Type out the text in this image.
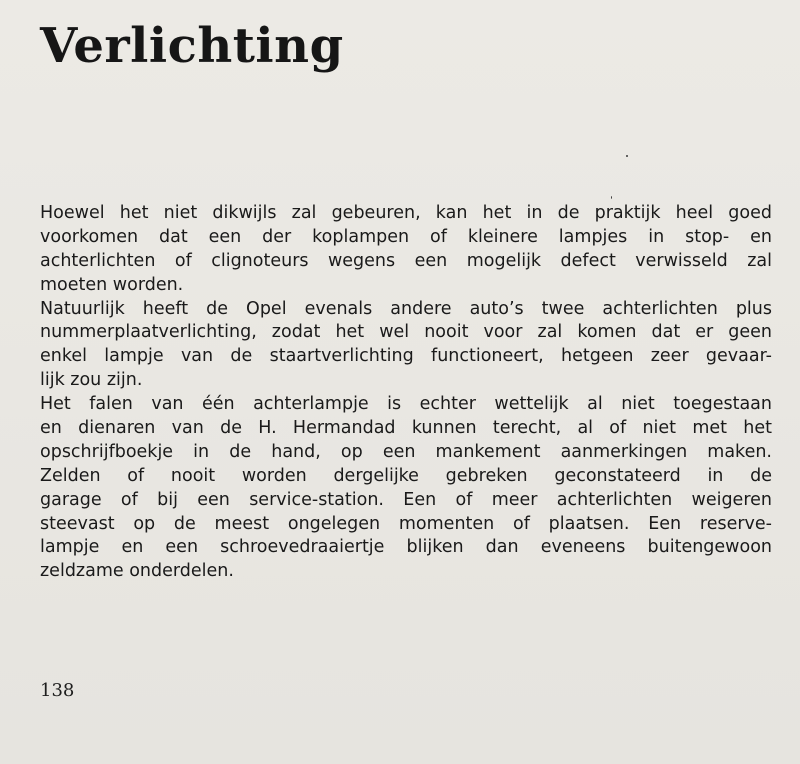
Verlichting
Hoewel het niet dikwijls zal gebeuren, kan het in de praktijk heel goed
voorkomen dat een der koplampen of kleinere lampjes in stop- en
achterlichten of clignoteurs wegens een mogelijk defect verwisseld zal
moeten worden.
Natuurlijk heeft de Opel evenals andere auto’s twee achterlichten plus
nummerplaatverlichting, zodat het wel nooit voor zal komen dat er geen
enkel lampje van de staartverlichting functioneert, hetgeen zeer gevaar-
lijk zou zijn.
Het falen van één achterlampje is echter wettelijk al niet toegestaan
en dienaren van de H. Hermandad kunnen terecht, al of niet met het
opschrijfboekje in de hand, op een mankement aanmerkingen maken.
Zelden of nooit worden dergelijke gebreken geconstateerd in de
garage of bij een service-station. Een of meer achterlichten weigeren
steevast op de meest ongelegen momenten of plaatsen. Een reserve-
lampje en een schroevedraaiertje blijken dan eveneens buitengewoon
zeldzame onderdelen.
138
